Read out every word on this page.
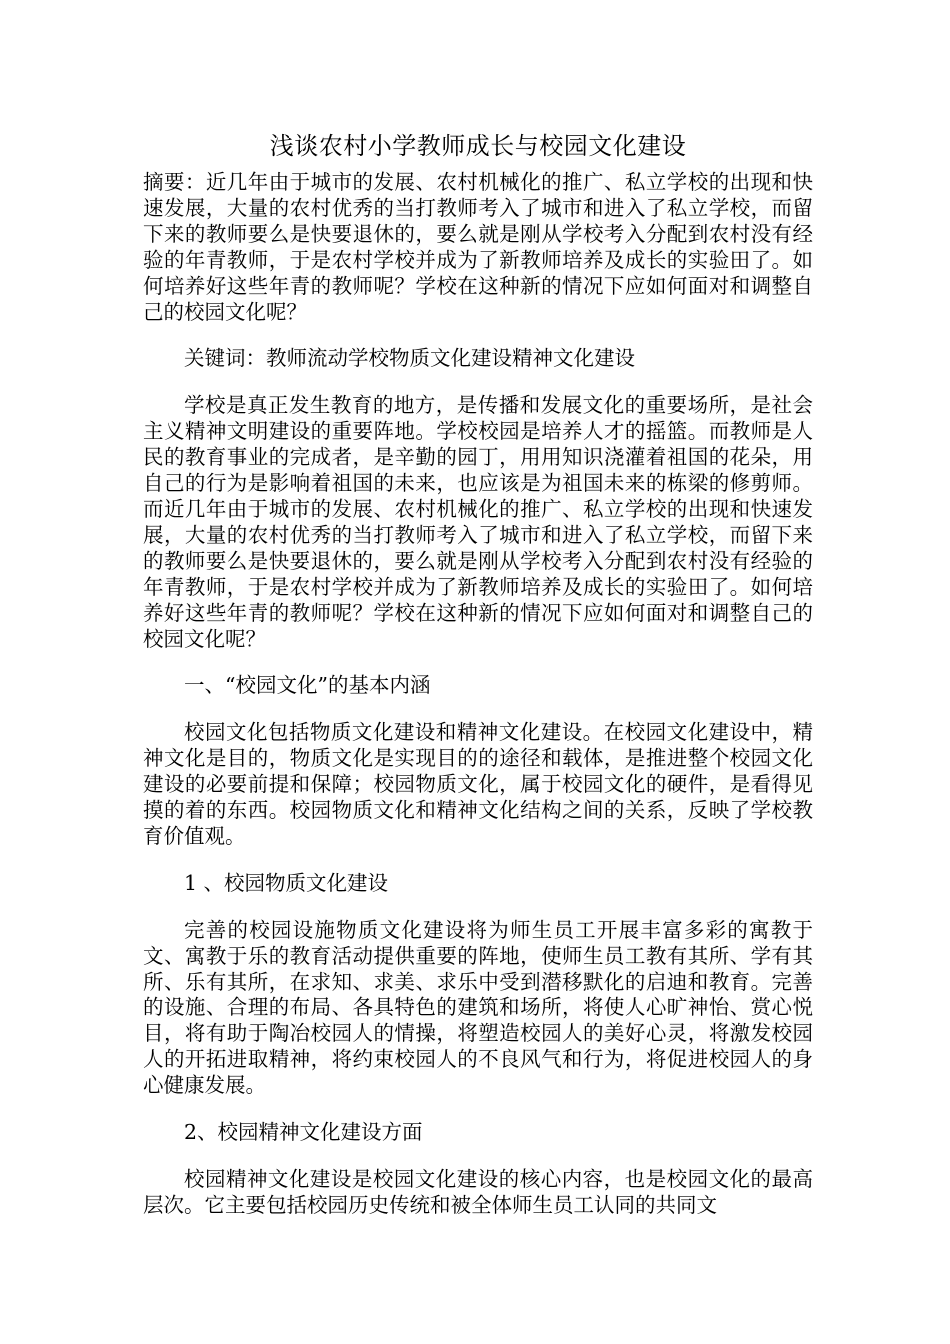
浅谈农村小学教师成长与校园文化建设

摘要：近几年由于城市的发展、农村机械化的推广、私立学校的出现和快速发展，大量的农村优秀的当打教师考入了城市和进入了私立学校，而留下来的教师要么是快要退休的，要么就是刚从学校考入分配到农村没有经验的年青教师，于是农村学校并成为了新教师培养及成长的实验田了。如何培养好这些年青的教师呢？学校在这种新的情况下应如何面对和调整自己的校园文化呢？

关键词：教师流动学校物质文化建设精神文化建设

学校是真正发生教育的地方，是传播和发展文化的重要场所，是社会主义精神文明建设的重要阵地。学校校园是培养人才的摇篮。而教师是人民的教育事业的完成者，是辛勤的园丁，用用知识浇灌着祖国的花朵，用自己的行为是影响着祖国的未来，也应该是为祖国未来的栋梁的修剪师。而近几年由于城市的发展、农村机械化的推广、私立学校的出现和快速发展，大量的农村优秀的当打教师考入了城市和进入了私立学校，而留下来的教师要么是快要退休的，要么就是刚从学校考入分配到农村没有经验的年青教师，于是农村学校并成为了新教师培养及成长的实验田了。如何培养好这些年青的教师呢？学校在这种新的情况下应如何面对和调整自己的校园文化呢？

一、“校园文化”的基本内涵

校园文化包括物质文化建设和精神文化建设。在校园文化建设中，精神文化是目的，物质文化是实现目的的途径和载体，是推进整个校园文化建设的必要前提和保障；校园物质文化，属于校园文化的硬件，是看得见摸的着的东西。校园物质文化和精神文化结构之间的关系，反映了学校教育价值观。

1 、校园物质文化建设

完善的校园设施物质文化建设将为师生员工开展丰富多彩的寓教于文、寓教于乐的教育活动提供重要的阵地，使师生员工教有其所、学有其所、乐有其所，在求知、求美、求乐中受到潜移默化的启迪和教育。完善的设施、合理的布局、各具特色的建筑和场所，将使人心旷神怡、赏心悦目，将有助于陶冶校园人的情操，将塑造校园人的美好心灵，将激发校园人的开拓进取精神，将约束校园人的不良风气和行为，将促进校园人的身心健康发展。

2、校园精神文化建设方面

校园精神文化建设是校园文化建设的核心内容，也是校园文化的最高层次。它主要包括校园历史传统和被全体师生员工认同的共同文
